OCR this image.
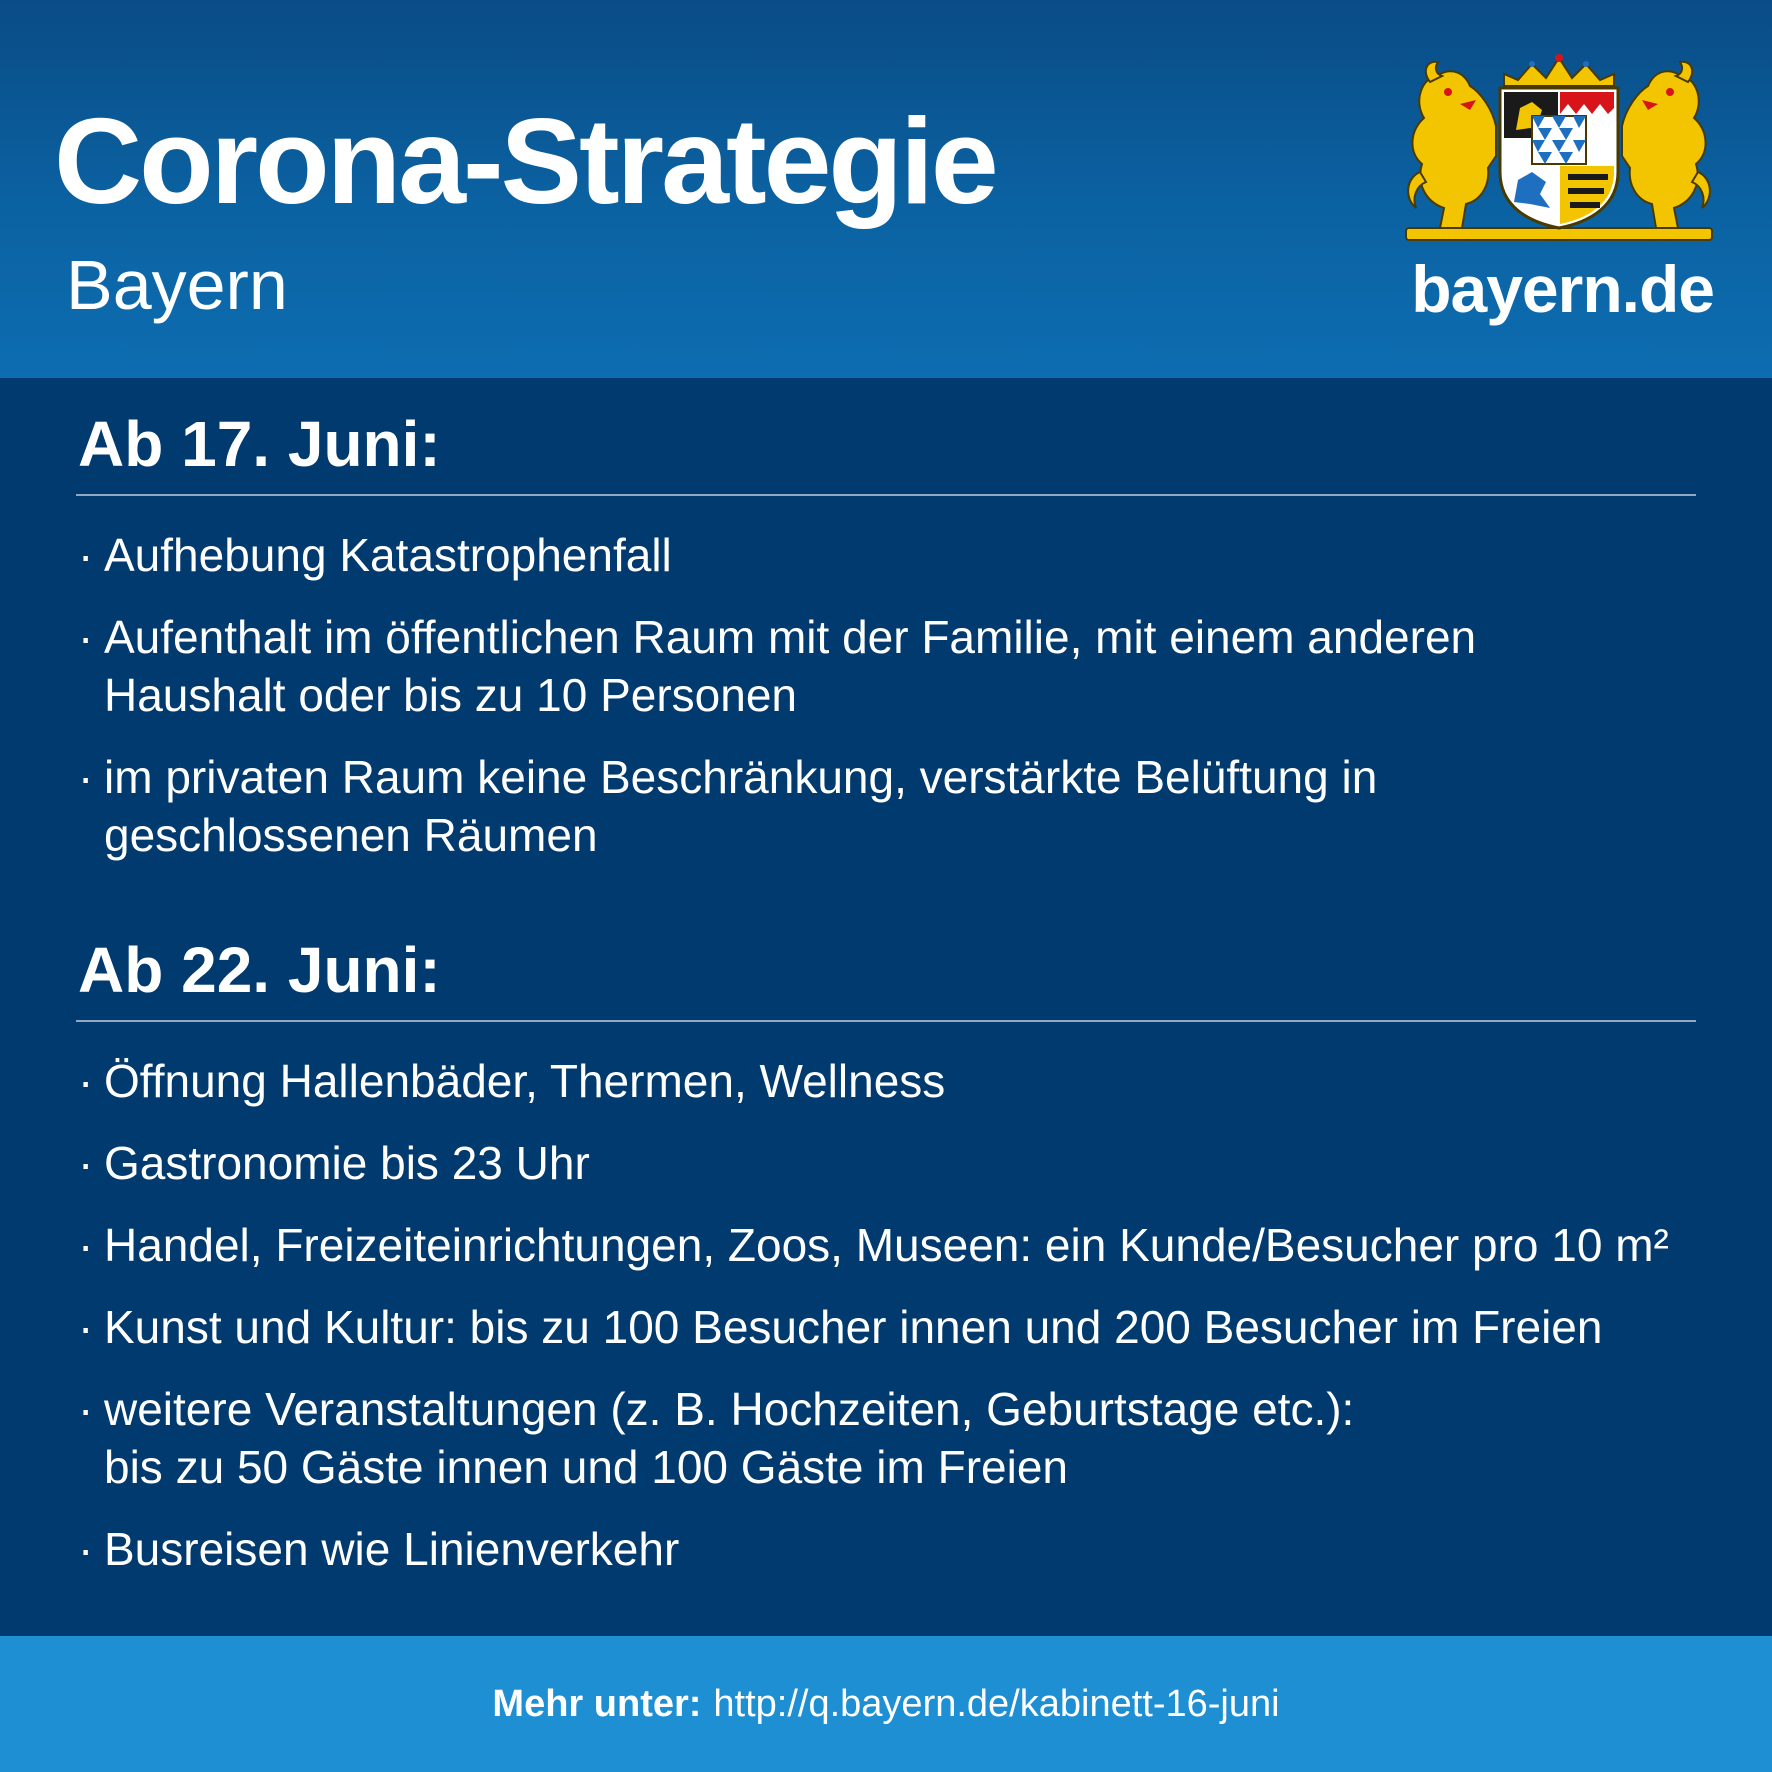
Corona-Strategie
Bayern	bayern.de
Ab 17. Juni:
· Aufhebung Katastrophenfall
· Aufenthalt im öffentlichen Raum mit der Familie, mit einem anderen
Haushalt oder bis zu 10 Personen
· im privaten Raum keine Beschränkung, verstärkte Belüftung in
geschlossenen Räumen
Ab 22. Juni:
· Öffnung Hallenbäder, Thermen, Wellness
· Gastronomie bis 23 Uhr
· Handel, Freizeiteinrichtungen, Zoos, Museen: ein Kunde/Besucher pro 10 m²
· Kunst und Kultur: bis zu 100 Besucher innen und 200 Besucher im Freien
· weitere Veranstaltungen (z. B. Hochzeiten, Geburtstage etc.):
bis zu 50 Gäste innen und 100 Gäste im Freien
· Busreisen wie Linienverkehr
Mehr unter: http://q.bayern.de/kabinett-16-juni
